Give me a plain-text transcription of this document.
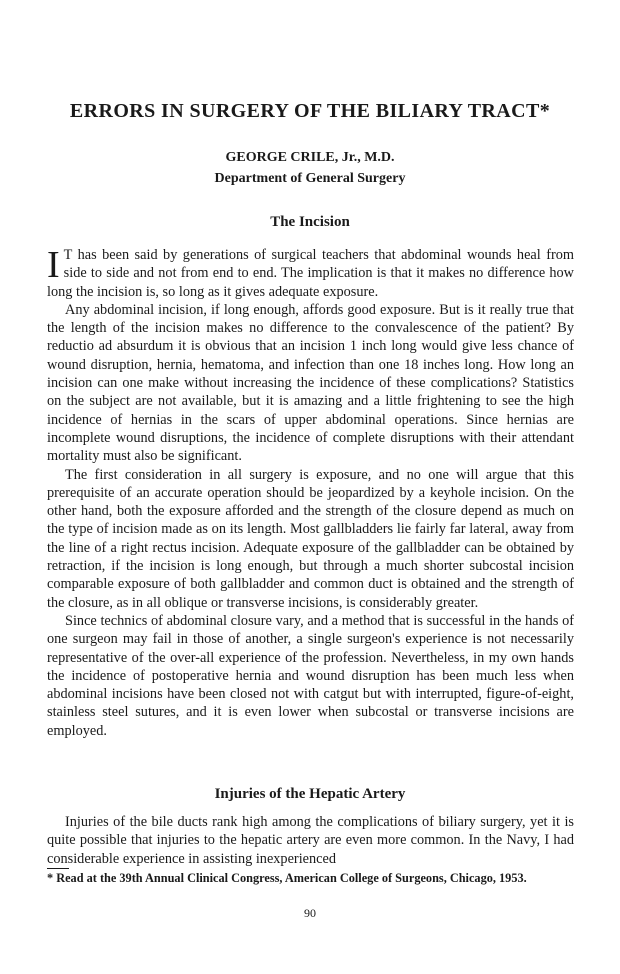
ERRORS IN SURGERY OF THE BILIARY TRACT*
GEORGE CRILE, Jr., M.D.
Department of General Surgery
The Incision

I T has been said by generations of surgical teachers that abdominal wounds heal from side to side and not from end to end. The implication is that it makes no difference how long the incision is, so long as it gives adequate exposure.

Any abdominal incision, if long enough, affords good exposure. But is it really true that the length of the incision makes no difference to the convalescence of the patient? By reductio ad absurdum it is obvious that an incision 1 inch long would give less chance of wound disruption, hernia, hematoma, and infection than one 18 inches long. How long an incision can one make without increasing the incidence of these complications? Statistics on the subject are not available, but it is amazing and a little frightening to see the high incidence of hernias in the scars of upper abdominal operations. Since hernias are incomplete wound disruptions, the incidence of complete disruptions with their attendant mortality must also be significant.

The first consideration in all surgery is exposure, and no one will argue that this prerequisite of an accurate operation should be jeopardized by a keyhole incision. On the other hand, both the exposure afforded and the strength of the closure depend as much on the type of incision made as on its length. Most gallbladders lie fairly far lateral, away from the line of a right rectus incision. Adequate exposure of the gallbladder can be obtained by retraction, if the incision is long enough, but through a much shorter subcostal incision comparable exposure of both gallbladder and common duct is obtained and the strength of the closure, as in all oblique or transverse incisions, is considerably greater.

Since technics of abdominal closure vary, and a method that is successful in the hands of one surgeon may fail in those of another, a single surgeon's experience is not necessarily representative of the over-all experience of the profession. Nevertheless, in my own hands the incidence of postoperative hernia and wound disruption has been much less when abdominal incisions have been closed not with catgut but with interrupted, figure-of-eight, stainless steel sutures, and it is even lower when subcostal or transverse incisions are employed.

Injuries of the Hepatic Artery

Injuries of the bile ducts rank high among the complications of biliary surgery, yet it is quite possible that injuries to the hepatic artery are even more common. In the Navy, I had considerable experience in assisting inexperienced

* Read at the 39th Annual Clinical Congress, American College of Surgeons, Chicago, 1953.
90
